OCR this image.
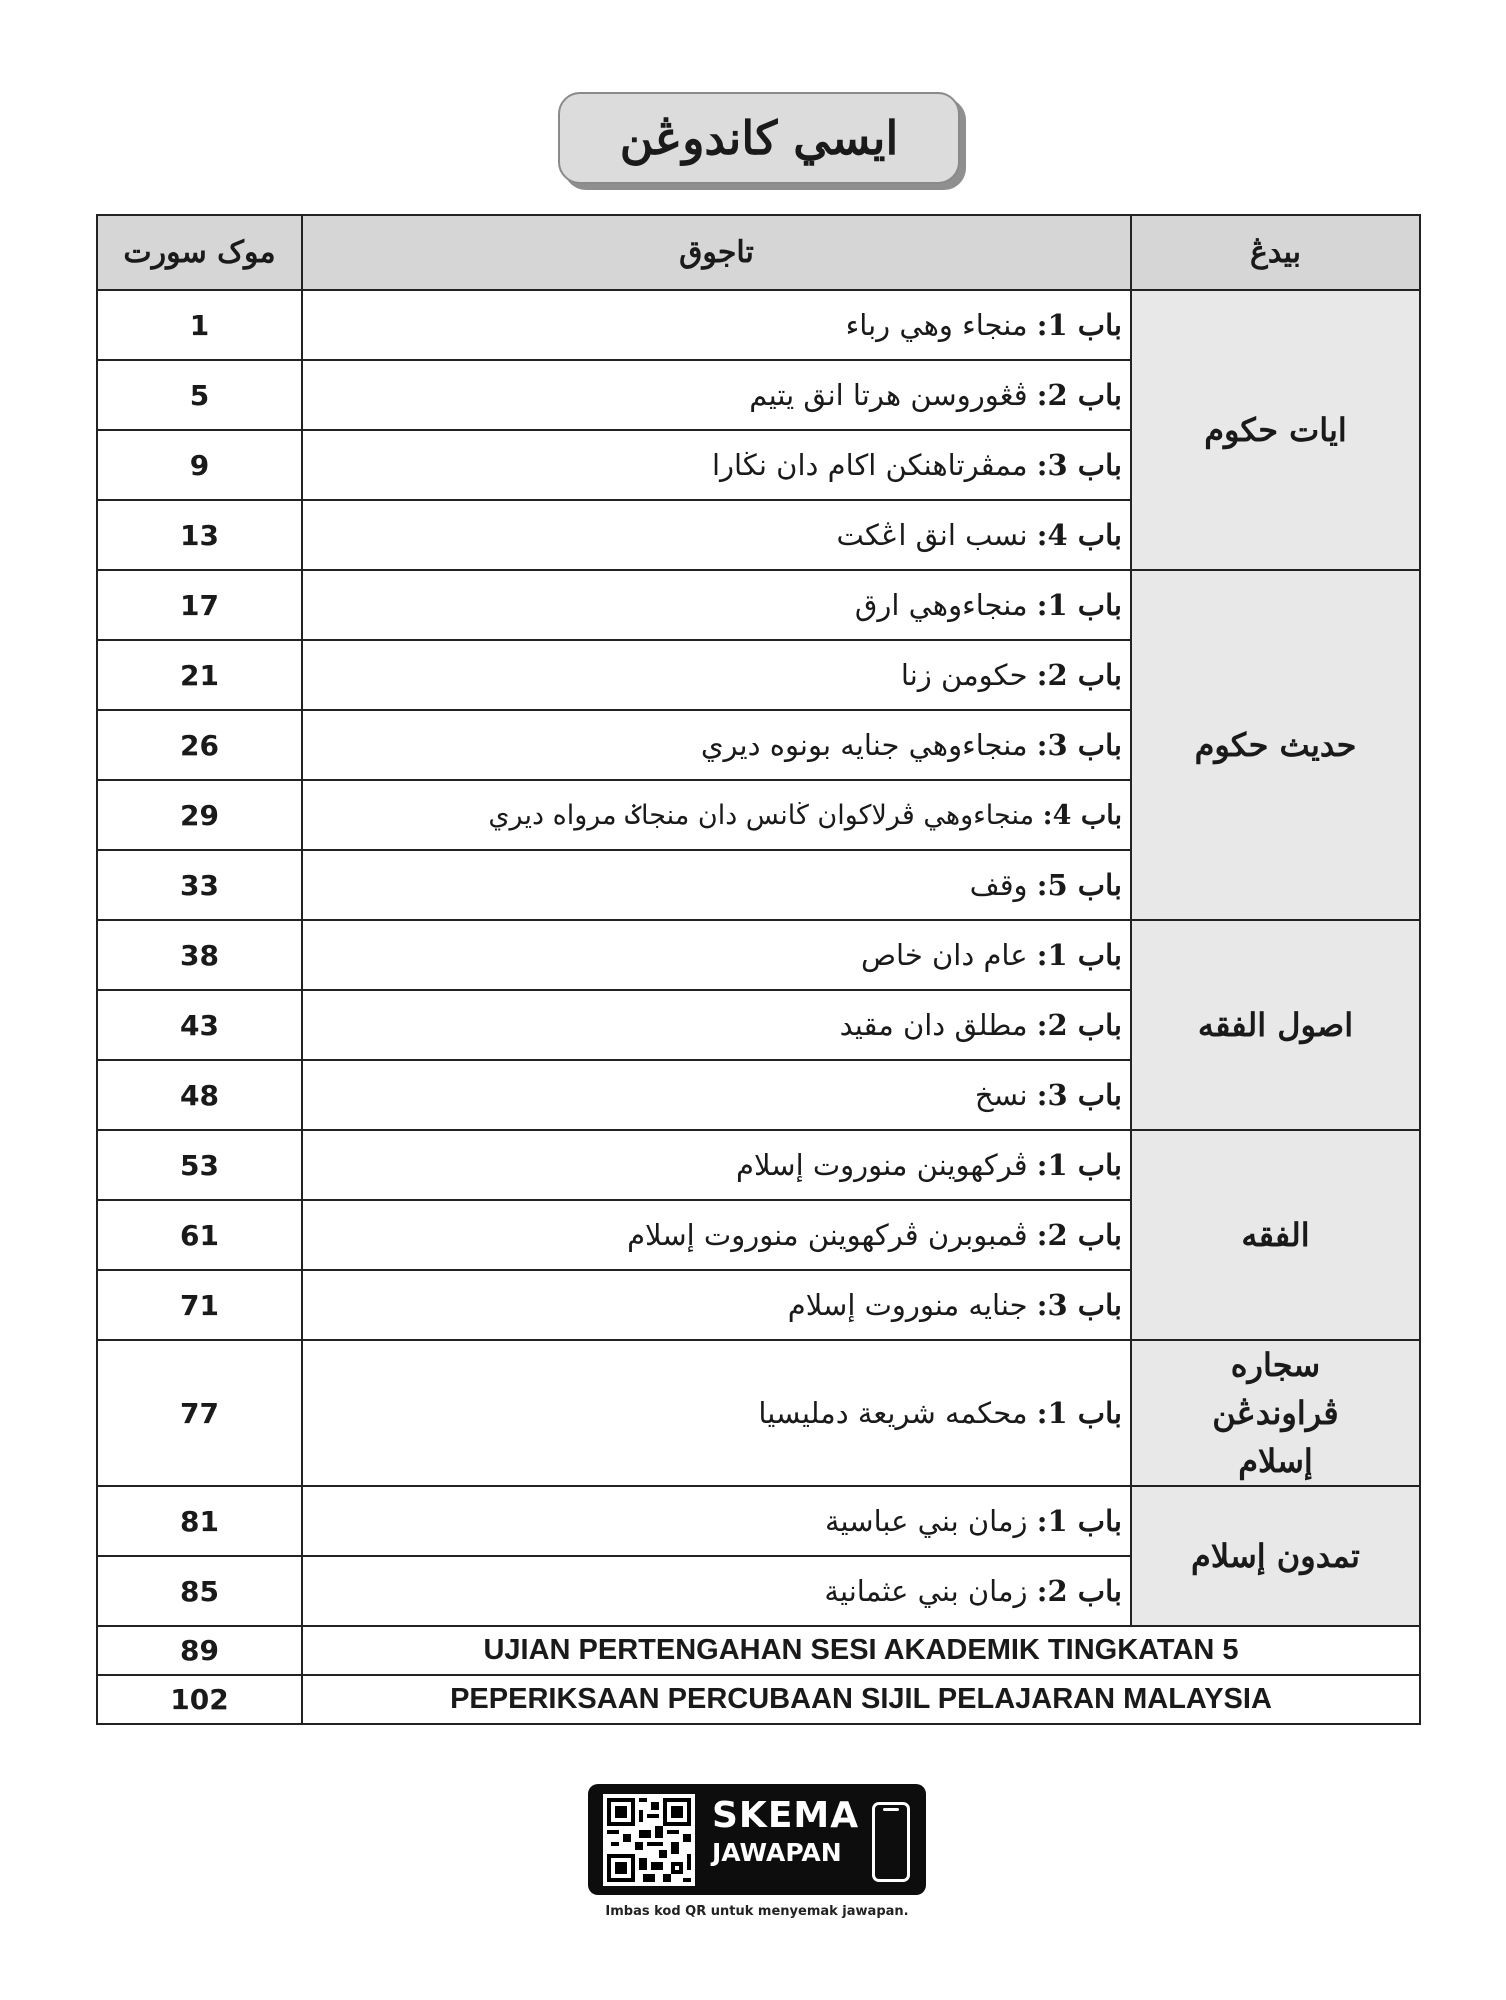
ايسي كاندوڠن
موک سورت	تاجوق	بيدڠ
1	باب 1: منجاء وهي رباء	ايات حکوم
5	باب 2: ڤڠوروسن هرتا انق يتيم	
9	باب 3: ممڤرتاهنکن اکام دان نڬارا	
13	باب 4: نسب انق اڠکت	
17	باب 1: منجاءوهي ارق	حديث حکوم
21	باب 2: حکومن زنا	
26	باب 3: منجاءوهي جنايه بونوه ديري	
29	باب 4: منجاءوهي ڤرلاکوان ڬانس دان منجاݢ مرواه ديري	
33	باب 5: وقف	
38	باب 1: عام دان خاص	اصول الفقه
43	باب 2: مطلق دان مقيد	
48	باب 3: نسخ	
53	باب 1: ڤرکهوينن منوروت إسلام	الفقه
61	باب 2: ڤمبوبرن ڤرکهوينن منوروت إسلام	
71	باب 3: جنايه منوروت إسلام	
77	باب 1: محکمه شريعة دمليسيا	سجاره ڤراوندڠن إسلام

81	باب 1: زمان بني عباسية	تمدون إسلام
85	باب 2: زمان بني عثمانية	
89	UJIAN PERTENGAHAN SESI AKADEMIK TINGKATAN 5	
102	PEPERIKSAAN PERCUBAAN SIJIL PELAJARAN MALAYSIA	
SKEMA
JAWAPAN
Imbas kod QR untuk menyemak jawapan.
